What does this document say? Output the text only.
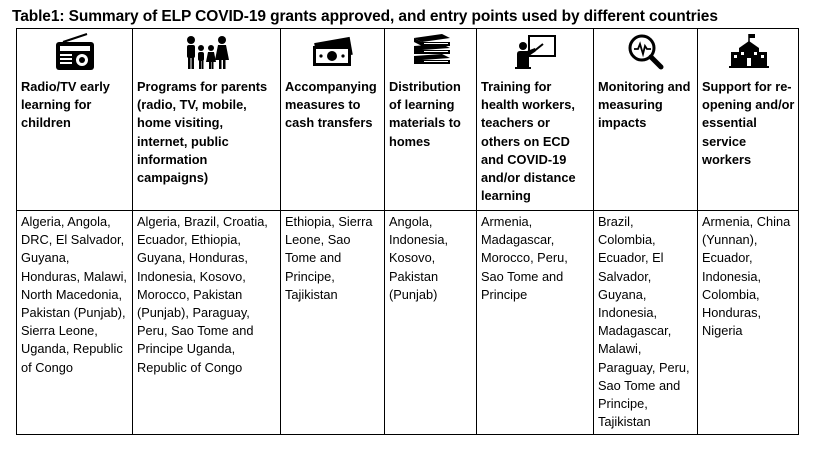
Table1: Summary of ELP COVID-19 grants approved, and entry points used by different countries
Radio/TV early learning for children	Programs for parents (radio, TV, mobile, home visiting, internet, public information campaigns)	Accompanying measures to cash transfers	Distribution of learning materials to homes	Training for health workers, teachers or others on ECD and COVID-19 and/or distance learning	Monitoring and measuring impacts	Support for re-opening and/or essential service workers

Algeria, Angola, DRC, El Salvador, Guyana, Honduras, Malawi, North Macedonia, Pakistan (Punjab), Sierra Leone, Uganda, Republic of Congo	Algeria, Brazil, Croatia, Ecuador, Ethiopia, Guyana, Honduras, Indonesia, Kosovo, Morocco, Pakistan (Punjab), Paraguay, Peru, Sao Tome and Principe Uganda, Republic of Congo	Ethiopia, Sierra Leone, Sao Tome and Principe, Tajikistan	Angola, Indonesia, Kosovo, Pakistan (Punjab)	Armenia, Madagascar, Morocco, Peru, Sao Tome and Principe	Brazil, Colombia, Ecuador, El Salvador, Guyana, Indonesia, Madagascar, Malawi, Paraguay, Peru, Sao Tome and Principe, Tajikistan	Armenia, China (Yunnan), Ecuador, Indonesia, Colombia, Honduras, Nigeria
